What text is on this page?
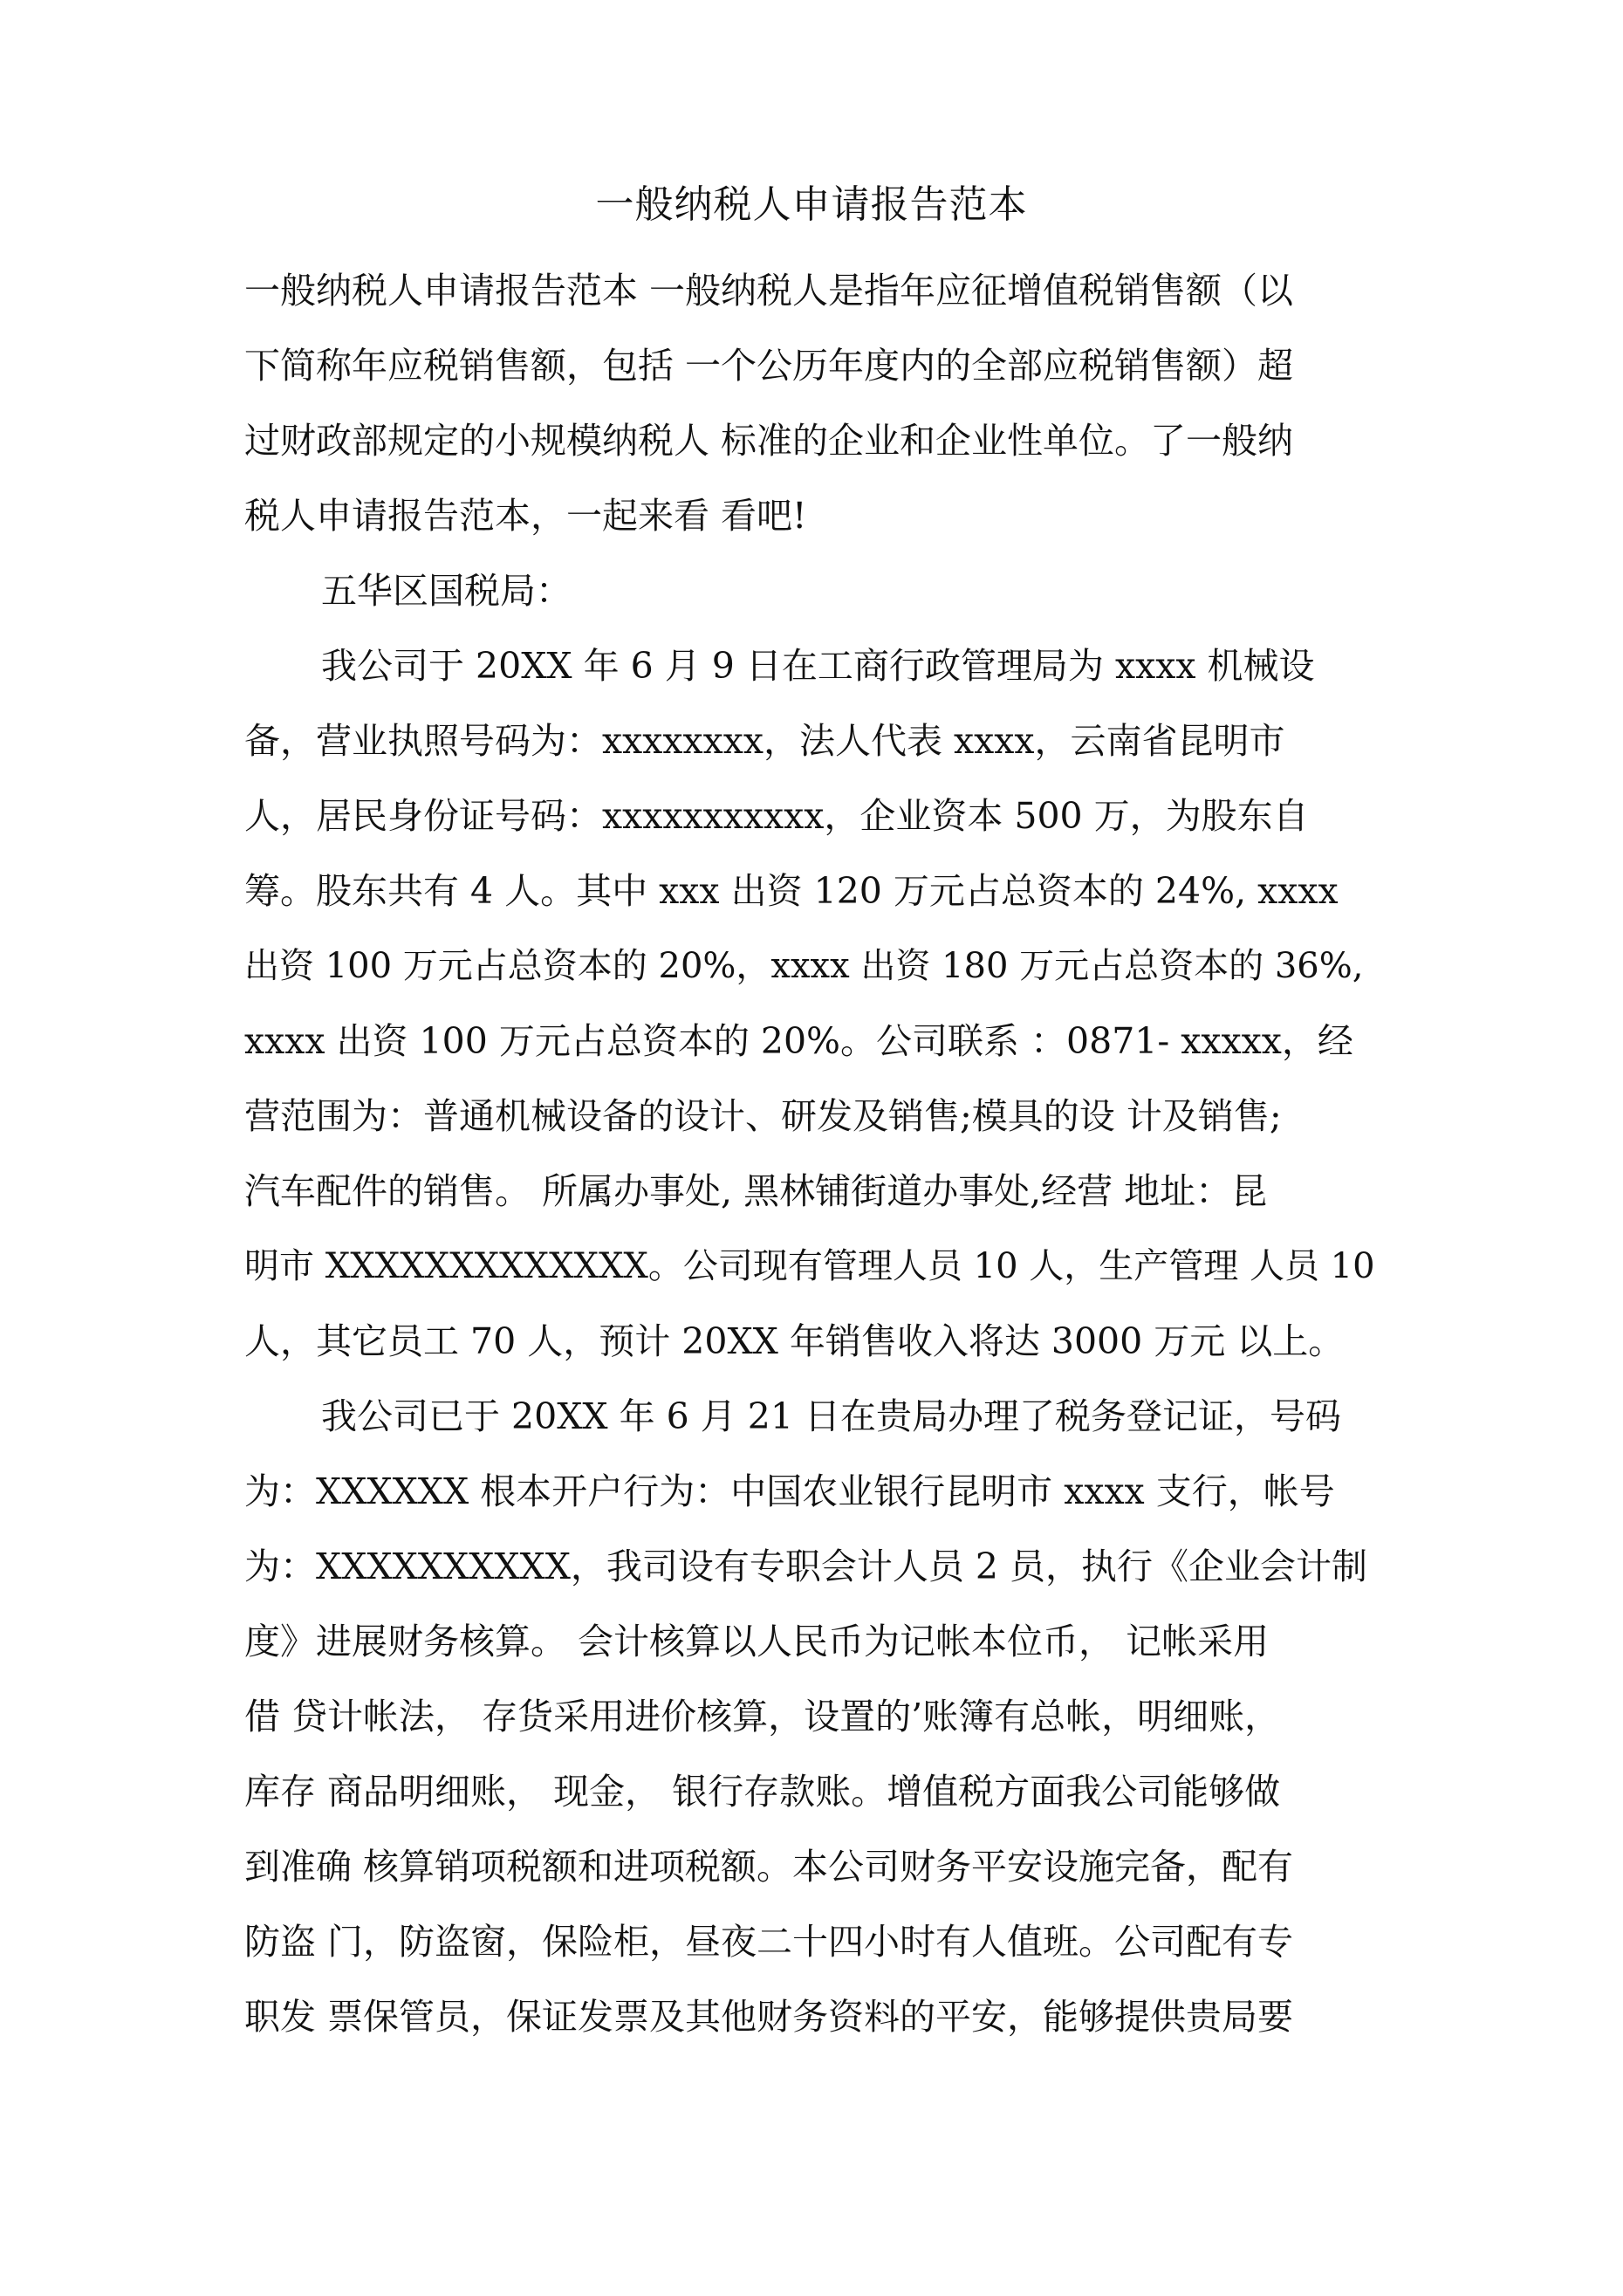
一般纳税人申请报告范本
一般纳税人申请报告范本 一般纳税人是指年应征增值税销售额（以
下简称年应税销售额，包括 一个公历年度内的全部应税销售额）超
过财政部规定的小规模纳税人 标准的企业和企业性单位。了一般纳
税人申请报告范本，一起来看 看吧!
五华区国税局：
我公司于 20XX 年 6 月 9 日在工商行政管理局为 xxxx 机械设
备，营业执照号码为：xxxxxxxx，法人代表 xxxx，云南省昆明市
人，居民身份证号码：xxxxxxxxxxx，企业资本 500 万，为股东自
筹。股东共有 4 人。其中 xxx 出资 120 万元占总资本的 24%, xxxx
出资 100 万元占总资本的 20%，xxxx 出资 180 万元占总资本的 36%,
xxxx 出资 100 万元占总资本的 20%。公司联系 ：0871- xxxxx，经
营范围为：普通机械设备的设计、研发及销售;模具的设 计及销售;
汽车配件的销售。 所属办事处, 黑林铺街道办事处,经营 地址：昆
明市 XXXXXXXXXXXXX。公司现有管理人员 10 人，生产管理 人员 10
人，其它员工 70 人，预计 20XX 年销售收入将达 3000 万元 以上。
我公司已于 20XX 年 6 月 21 日在贵局办理了税务登记证，号码
为：XXXXXX 根本开户行为：中国农业银行昆明市 xxxx 支行，帐号
为：XXXXXXXXXX，我司设有专职会计人员 2 员，执行《企业会计制
度》进展财务核算。 会计核算以人民币为记帐本位币， 记帐采用
借 贷计帐法， 存货采用进价核算，设置的’账簿有总帐，明细账，
库存 商品明细账， 现金， 银行存款账。增值税方面我公司能够做
到准确 核算销项税额和进项税额。本公司财务平安设施完备，配有
防盗 门，防盗窗，保险柜，昼夜二十四小时有人值班。公司配有专
职发 票保管员，保证发票及其他财务资料的平安，能够提供贵局要
